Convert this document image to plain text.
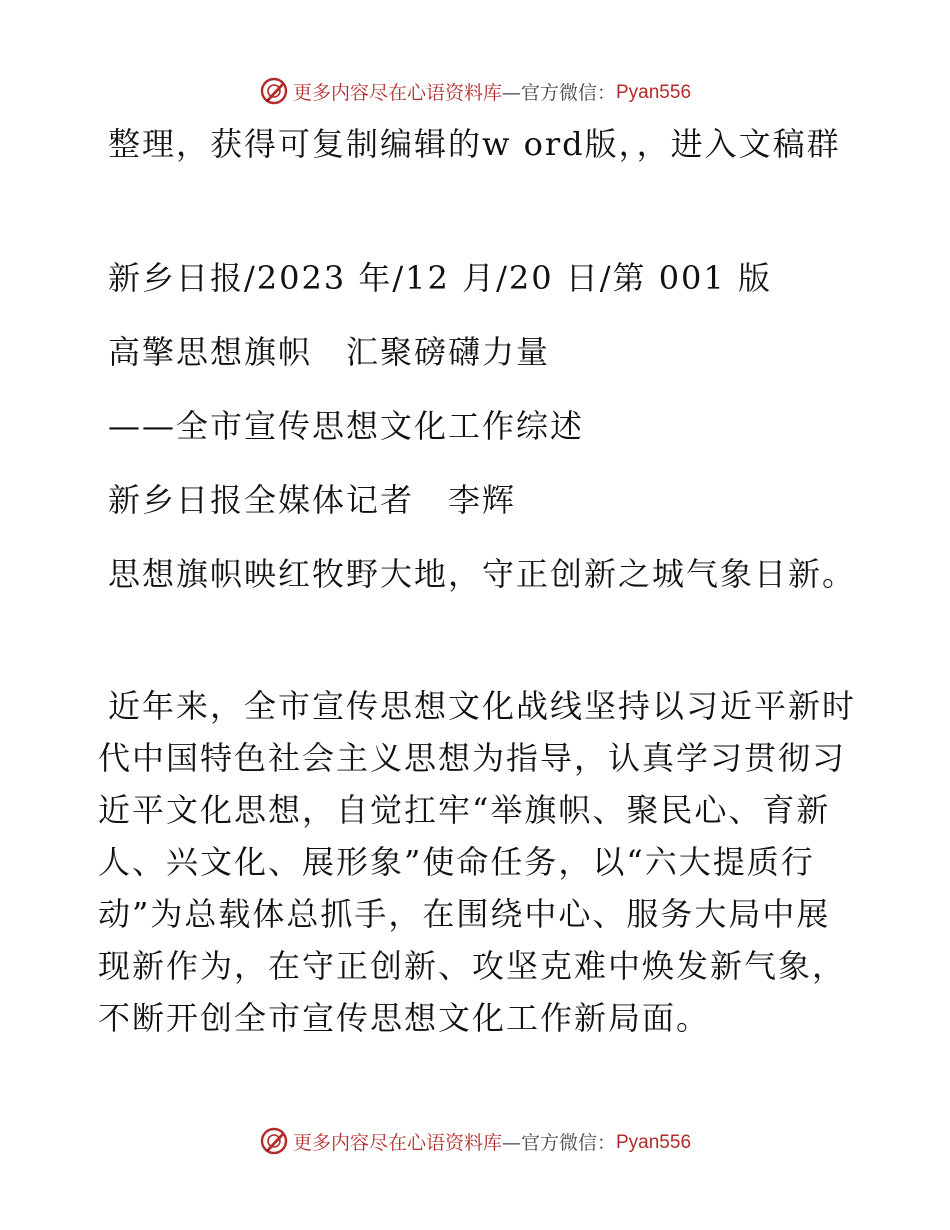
更多内容尽在心语资料库—官方微信：Pyan556

整理，获得可复制编辑的w ord版，，进入文稿群

新乡日报/2023 年/12 月/20 日/第 001 版

高擎思想旗帜　汇聚磅礴力量

——全市宣传思想文化工作综述

新乡日报全媒体记者　李辉

思想旗帜映红牧野大地，守正创新之城气象日新。

近年来，全市宣传思想文化战线坚持以习近平新时代中国特色社会主义思想为指导，认真学习贯彻习近平文化思想，自觉扛牢“举旗帜、聚民心、育新人、兴文化、展形象”使命任务，以“六大提质行动”为总载体总抓手，在围绕中心、服务大局中展现新作为，在守正创新、攻坚克难中焕发新气象，不断开创全市宣传思想文化工作新局面。

更多内容尽在心语资料库—官方微信：Pyan556
